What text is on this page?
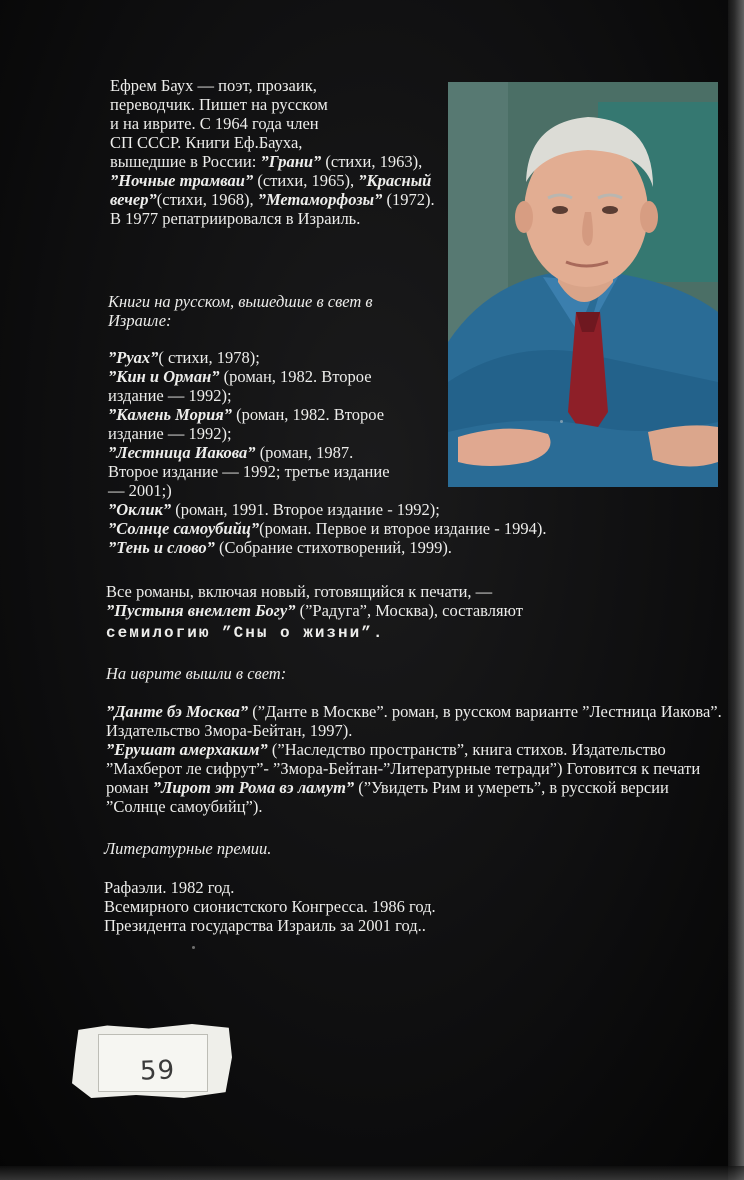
Ефрем Баух — поэт, прозаик,

переводчик. Пишет на русском

и на иврите. С 1964 года член

СП СССР. Книги Еф.Бауха,

вышедшие в России: ”Грани” (стихи, 1963), ”Ночные трамваи” (стихи, 1965), ”Красный вечер”(стихи, 1968), ”Метаморфозы” (1972).

В 1977 репатриировался в Израиль.

Книги на русском, вышедшие в свет в Израиле:

”Руах”( стихи, 1978);

”Кин и Орман” (роман, 1982. Второе издание — 1992);

”Камень Мория” (роман, 1982. Второе издание — 1992);

”Лестница Иакова” (роман, 1987. Второе издание — 1992; третье издание — 2001;)

”Оклик” (роман, 1991. Второе издание - 1992);

”Солнце самоубийц”(роман. Первое и второе издание - 1994).

”Тень и слово” (Собрание стихотворений, 1999).

Все романы, включая новый, готовящийся к печати, —

”Пустыня внемлет Богу” (”Радуга”, Москва), составляют

семилогию ”Сны о жизни”.

На иврите вышли в свет:

”Данте бэ Москва” (”Данте в Москве”. роман, в русском варианте ”Лестница Иакова”. Издательство Змора-Бейтан, 1997).

”Ерушат амерхаким” (”Наследство пространств”, книга стихов. Издательство ”Махберот ле сифрут”- ”Змора-Бейтан-”Литературные тетради”) Готовится к печати роман ”Лирот эт Рома вэ ламут” (”Увидеть Рим и умереть”, в русской версии ”Солнце самоубийц”).

Литературные премии.

Рафаэли. 1982 год.

Всемирного сионистского Конгресса. 1986 год.

Президента государства Израиль за 2001 год..

59
